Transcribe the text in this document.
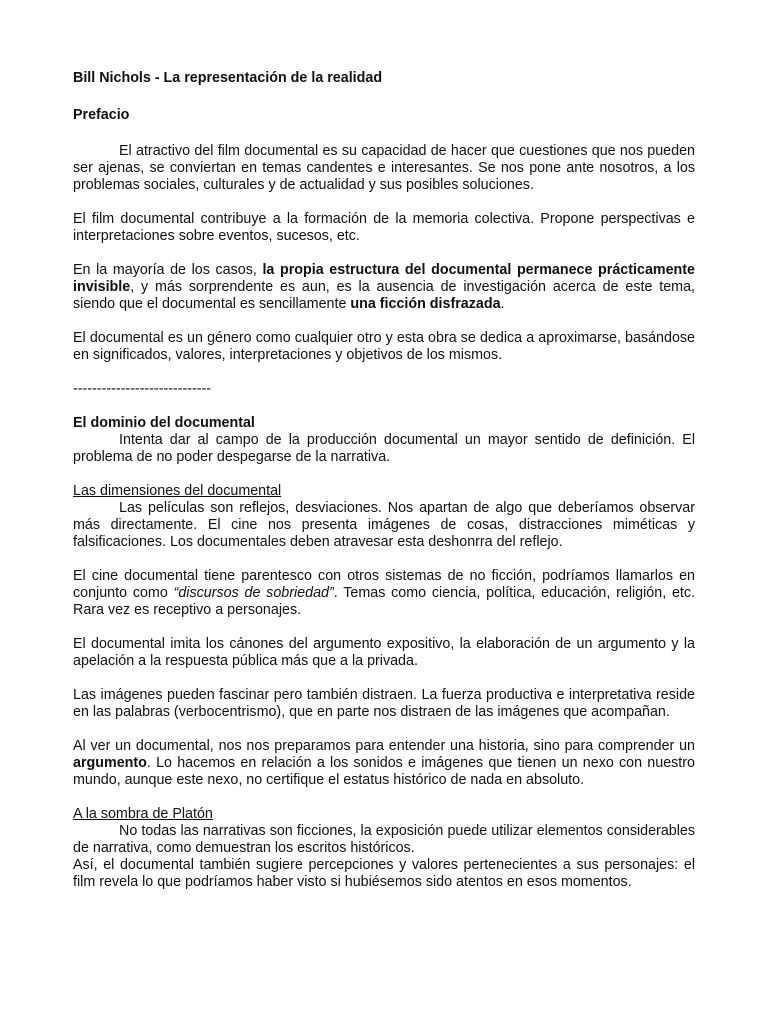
Bill Nichols - La representación de la realidad

Prefacio

El atractivo del film documental es su capacidad de hacer que cuestiones que nos pueden ser ajenas, se conviertan en temas candentes e interesantes. Se nos pone ante nosotros, a los problemas sociales, culturales y de actualidad y sus posibles soluciones.

El film documental contribuye a la formación de la memoria colectiva. Propone perspectivas e interpretaciones sobre eventos, sucesos, etc.

En la mayoría de los casos, la propia estructura del documental permanece prácticamente invisible, y más sorprendente es aun, es la ausencia de investigación acerca de este tema, siendo que el documental es sencillamente una ficción disfrazada.

El documental es un género como cualquier otro y esta obra se dedica a aproximarse, basándose en significados, valores, interpretaciones y objetivos de los mismos.

-----------------------------

El dominio del documental

Intenta dar al campo de la producción documental un mayor sentido de definición. El problema de no poder despegarse de la narrativa.

Las dimensiones del documental

Las películas son reflejos, desviaciones. Nos apartan de algo que deberíamos observar más directamente. El cine nos presenta imágenes de cosas, distracciones miméticas y falsificaciones. Los documentales deben atravesar esta deshonrra del reflejo.

El cine documental tiene parentesco con otros sistemas de no ficción, podríamos llamarlos en conjunto como “discursos de sobriedad”. Temas como ciencia, política, educación, religión, etc. Rara vez es receptivo a personajes.

El documental imita los cánones del argumento expositivo, la elaboración de un argumento y la apelación a la respuesta pública más que a la privada.

Las imágenes pueden fascinar pero también distraen. La fuerza productiva e interpretativa reside en las palabras (verbocentrismo), que en parte nos distraen de las imágenes que acompañan.

Al ver un documental, nos nos preparamos para entender una historia, sino para comprender un argumento. Lo hacemos en relación a los sonidos e imágenes que tienen un nexo con nuestro mundo, aunque este nexo, no certifique el estatus histórico de nada en absoluto.

A la sombra de Platón

No todas las narrativas son ficciones, la exposición puede utilizar elementos considerables de narrativa, como demuestran los escritos históricos.

Así, el documental también sugiere percepciones y valores pertenecientes a sus personajes: el film revela lo que podríamos haber visto si hubiésemos sido atentos en esos momentos.
